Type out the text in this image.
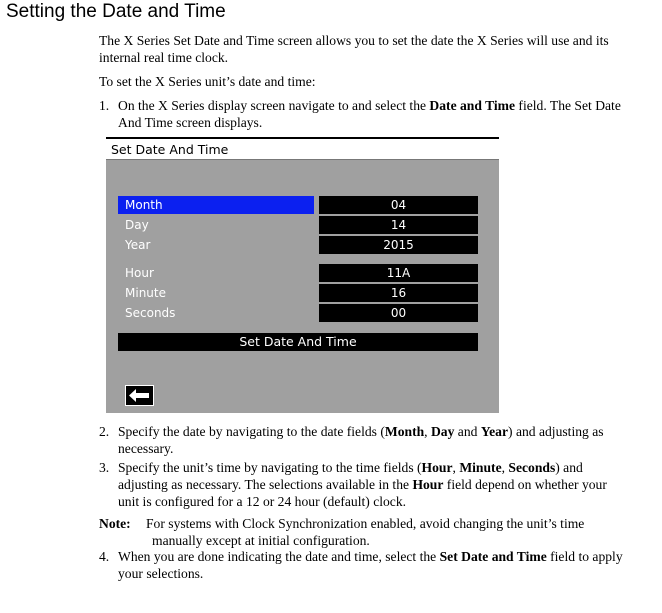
Setting the Date and Time
The X Series Set Date and Time screen allows you to set the date the X Series will use and its
internal real time clock.
To set the X Series unit’s date and time:
1. On the X Series display screen navigate to and select the Date and Time field. The Set Date
And Time screen displays.
Set Date And Time
Month	04
Day	14
Year	2015
Hour	11A
Minute	16
Seconds	00
Set Date And Time
2. Specify the date by navigating to the date fields (Month, Day and Year) and adjusting as
necessary.
3. Specify the unit’s time by navigating to the time fields (Hour, Minute, Seconds) and
adjusting as necessary. The selections available in the Hour field depend on whether your
unit is configured for a 12 or 24 hour (default) clock.
Note: For systems with Clock Synchronization enabled, avoid changing the unit’s time

manually except at initial configuration.
4. When you are done indicating the date and time, select the Set Date and Time field to apply
your selections.
